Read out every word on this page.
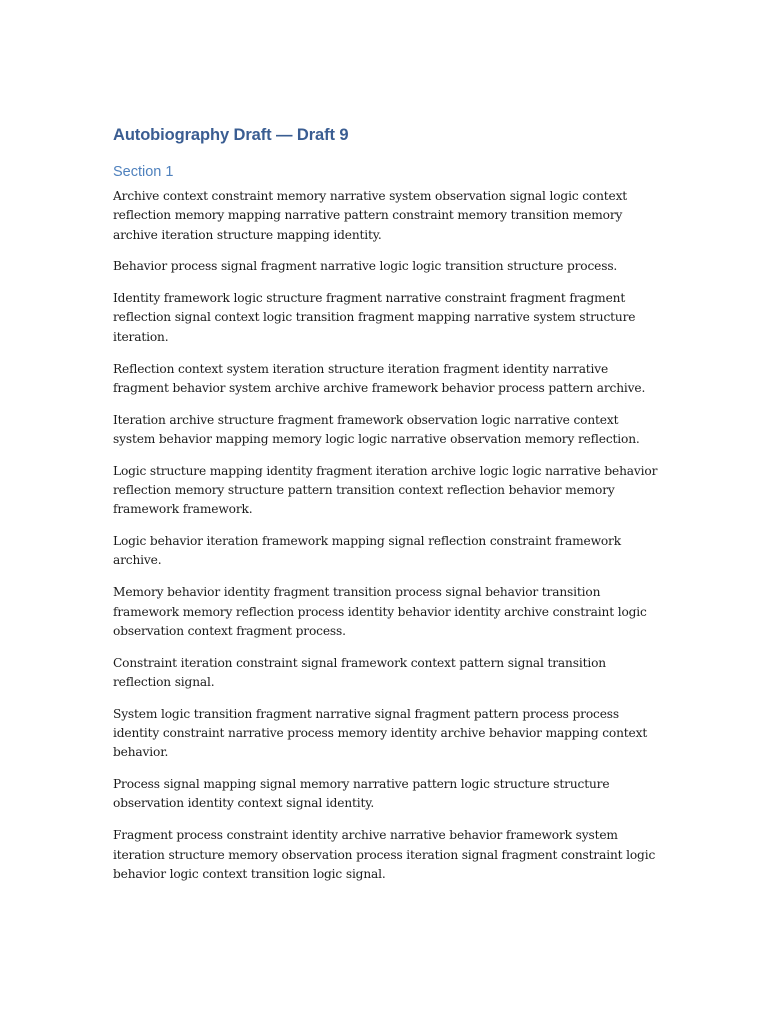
Autobiography Draft — Draft 9
Section 1

Archive context constraint memory narrative system observation signal logic context reflection memory mapping narrative pattern constraint memory transition memory archive iteration structure mapping identity.

Behavior process signal fragment narrative logic logic transition structure process.

Identity framework logic structure fragment narrative constraint fragment fragment reflection signal context logic transition fragment mapping narrative system structure iteration.

Reflection context system iteration structure iteration fragment identity narrative fragment behavior system archive archive framework behavior process pattern archive.

Iteration archive structure fragment framework observation logic narrative context system behavior mapping memory logic logic narrative observation memory reflection.

Logic structure mapping identity fragment iteration archive logic logic narrative behavior reflection memory structure pattern transition context reflection behavior memory framework framework.

Logic behavior iteration framework mapping signal reflection constraint framework archive.

Memory behavior identity fragment transition process signal behavior transition framework memory reflection process identity behavior identity archive constraint logic observation context fragment process.

Constraint iteration constraint signal framework context pattern signal transition reflection signal.

System logic transition fragment narrative signal fragment pattern process process identity constraint narrative process memory identity archive behavior mapping context behavior.

Process signal mapping signal memory narrative pattern logic structure structure observation identity context signal identity.

Fragment process constraint identity archive narrative behavior framework system iteration structure memory observation process iteration signal fragment constraint logic behavior logic context transition logic signal.
